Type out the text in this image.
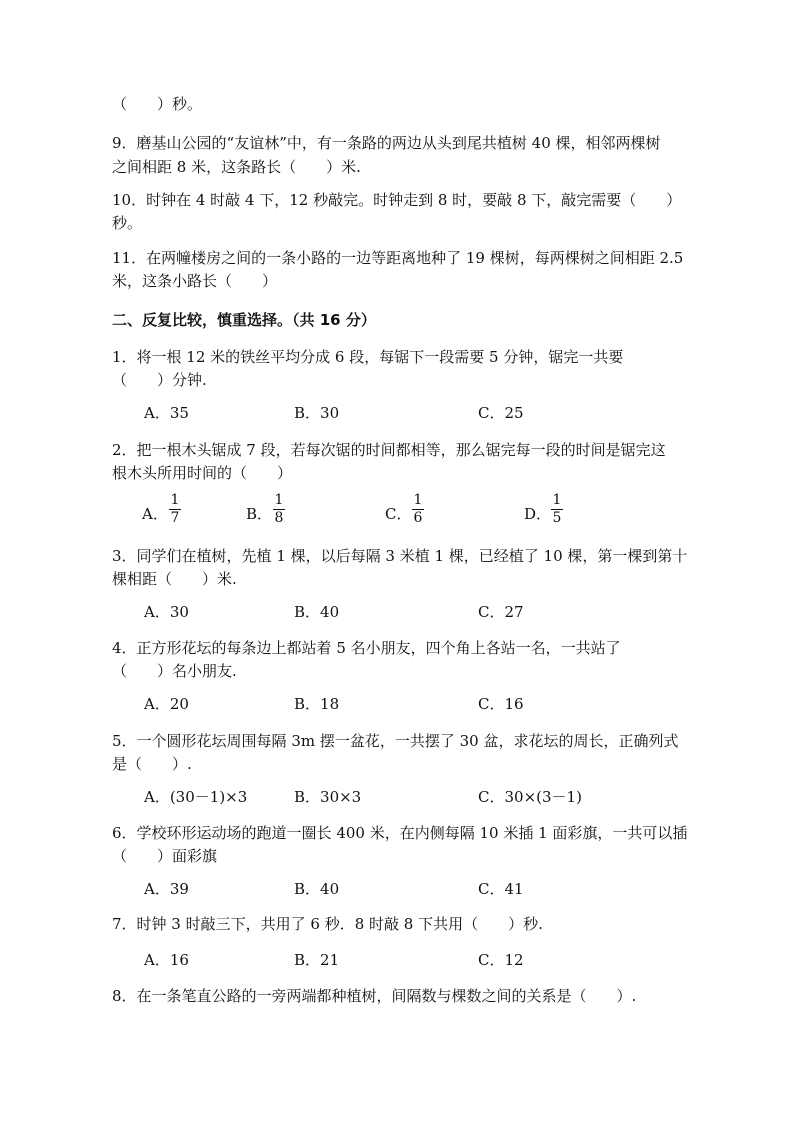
（　　）秒。
9．磨基山公园的“友谊林”中，有一条路的两边从头到尾共植树 40 棵，相邻两棵树
之间相距 8 米，这条路长（　　）米.
10．时钟在 4 时敲 4 下，12 秒敲完。时钟走到 8 时，要敲 8 下，敲完需要（　　）
秒。
11．在两幢楼房之间的一条小路的一边等距离地种了 19 棵树，每两棵树之间相距 2.5
米，这条小路长（　　）
二、反复比较，慎重选择。（共 16 分）
1．将一根 12 米的铁丝平均分成 6 段，每锯下一段需要 5 分钟，锯完一共要
（　　）分钟.
A．35	B．30	C．25
2．把一根木头锯成 7 段，若每次锯的时间都相等，那么锯完每一段的时间是锯完这
根木头所用时间的（　　）
A．
1
7	B．
1
8	C．
1
6	D．
1
5
3．同学们在植树，先植 1 棵，以后每隔 3 米植 1 棵，已经植了 10 棵，第一棵到第十
棵相距（　　）米.
A．30	B．40	C．27
4．正方形花坛的每条边上都站着 5 名小朋友，四个角上各站一名，一共站了
（　　）名小朋友.
A．20	B．18	C．16
5．一个圆形花坛周围每隔 3m 摆一盆花，一共摆了 30 盆，求花坛的周长，正确列式
是（　　）.
A．(30－1)×3	B．30×3	C．30×(3－1)
6．学校环形运动场的跑道一圈长 400 米，在内侧每隔 10 米插 1 面彩旗，一共可以插
（　　）面彩旗
A．39	B．40	C．41
7．时钟 3 时敲三下，共用了 6 秒．8 时敲 8 下共用（　　）秒.
A．16	B．21	C．12
8．在一条笔直公路的一旁两端都种植树，间隔数与棵数之间的关系是（　　）.
